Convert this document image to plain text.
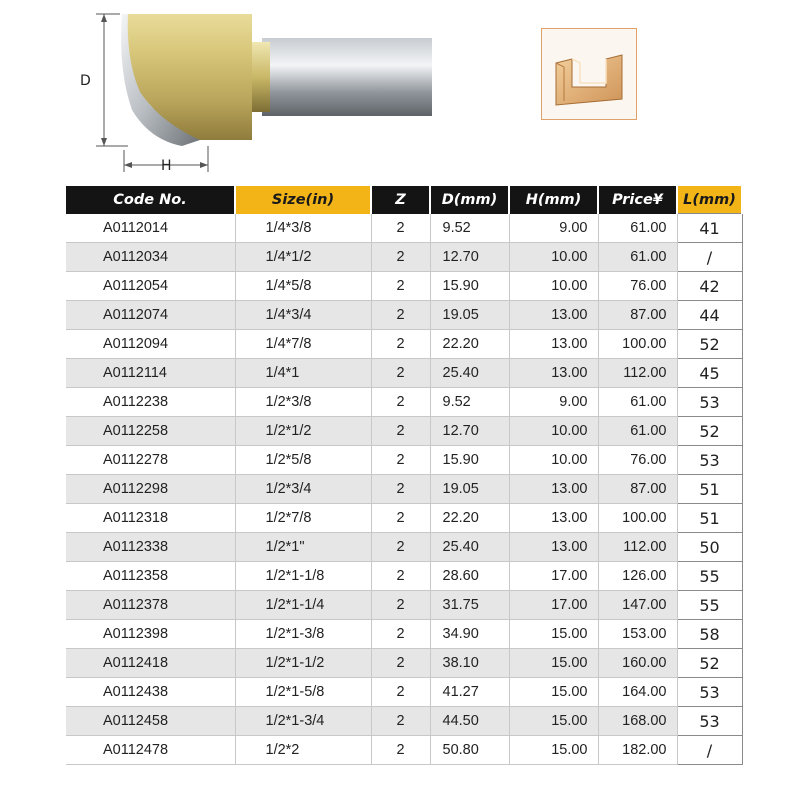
D
H
Code No.	Size(in)	Z	D(mm)	H(mm)	Price¥	L(mm)
A0112014	1/4*3/8	2	9.52	9.00	61.00	41
A0112034	1/4*1/2	2	12.70	10.00	61.00	/
A0112054	1/4*5/8	2	15.90	10.00	76.00	42
A0112074	1/4*3/4	2	19.05	13.00	87.00	44
A0112094	1/4*7/8	2	22.20	13.00	100.00	52
A0112114	1/4*1	2	25.40	13.00	112.00	45
A0112238	1/2*3/8	2	9.52	9.00	61.00	53
A0112258	1/2*1/2	2	12.70	10.00	61.00	52
A0112278	1/2*5/8	2	15.90	10.00	76.00	53
A0112298	1/2*3/4	2	19.05	13.00	87.00	51
A0112318	1/2*7/8	2	22.20	13.00	100.00	51
A0112338	1/2*1"	2	25.40	13.00	112.00	50
A0112358	1/2*1-1/8	2	28.60	17.00	126.00	55
A0112378	1/2*1-1/4	2	31.75	17.00	147.00	55
A0112398	1/2*1-3/8	2	34.90	15.00	153.00	58
A0112418	1/2*1-1/2	2	38.10	15.00	160.00	52
A0112438	1/2*1-5/8	2	41.27	15.00	164.00	53
A0112458	1/2*1-3/4	2	44.50	15.00	168.00	53
A0112478	1/2*2	2	50.80	15.00	182.00	/
